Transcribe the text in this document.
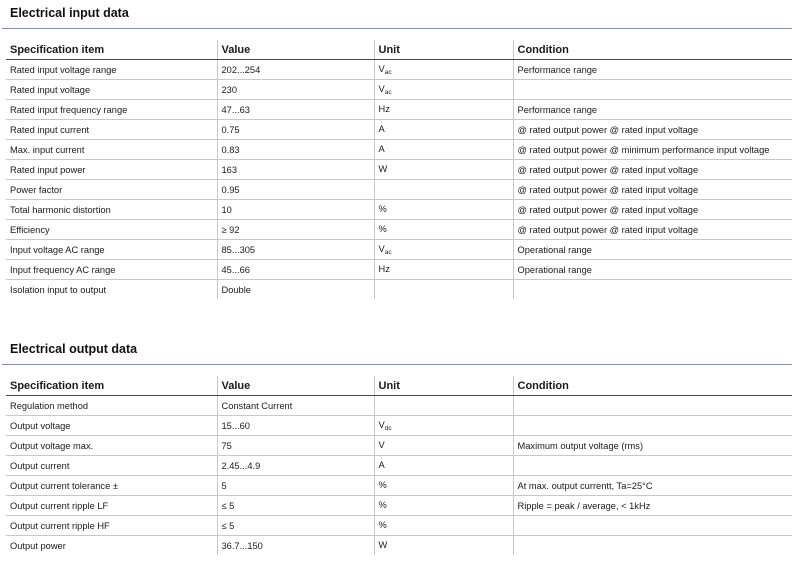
Electrical input data
Specification item	Value	Unit	Condition
Rated input voltage range	202...254	$V_{ac}$	Performance range
Rated input voltage	230	$V_{ac}$	
Rated input frequency range	47...63	Hz	Performance range
Rated input current	0.75	A	@ rated output power @ rated input voltage
Max. input current	0.83	A	@ rated output power @ minimum performance input voltage
Rated input power	163	W	@ rated output power @ rated input voltage
Power factor	0.95		@ rated output power @ rated input voltage
Total harmonic distortion	10	%	@ rated output power @ rated input voltage
Efficiency	≥ 92	%	@ rated output power @ rated input voltage
Input voltage AC range	85...305	$V_{ac}$	Operational range
Input frequency AC range	45...66	Hz	Operational range
Isolation input to output	Double		
Electrical output data
Specification item	Value	Unit	Condition
Regulation method	Constant Current		
Output voltage	15...60	$V_{dc}$	
Output voltage max.	75	V	Maximum output voltage (rms)
Output current	2.45...4.9	A	
Output current tolerance ±	5	%	At max. output currentt, Ta=25°C
Output current ripple LF	≤ 5	%	Ripple = peak / average, < 1kHz
Output current ripple HF	≤ 5	%	
Output power	36.7...150	W	
